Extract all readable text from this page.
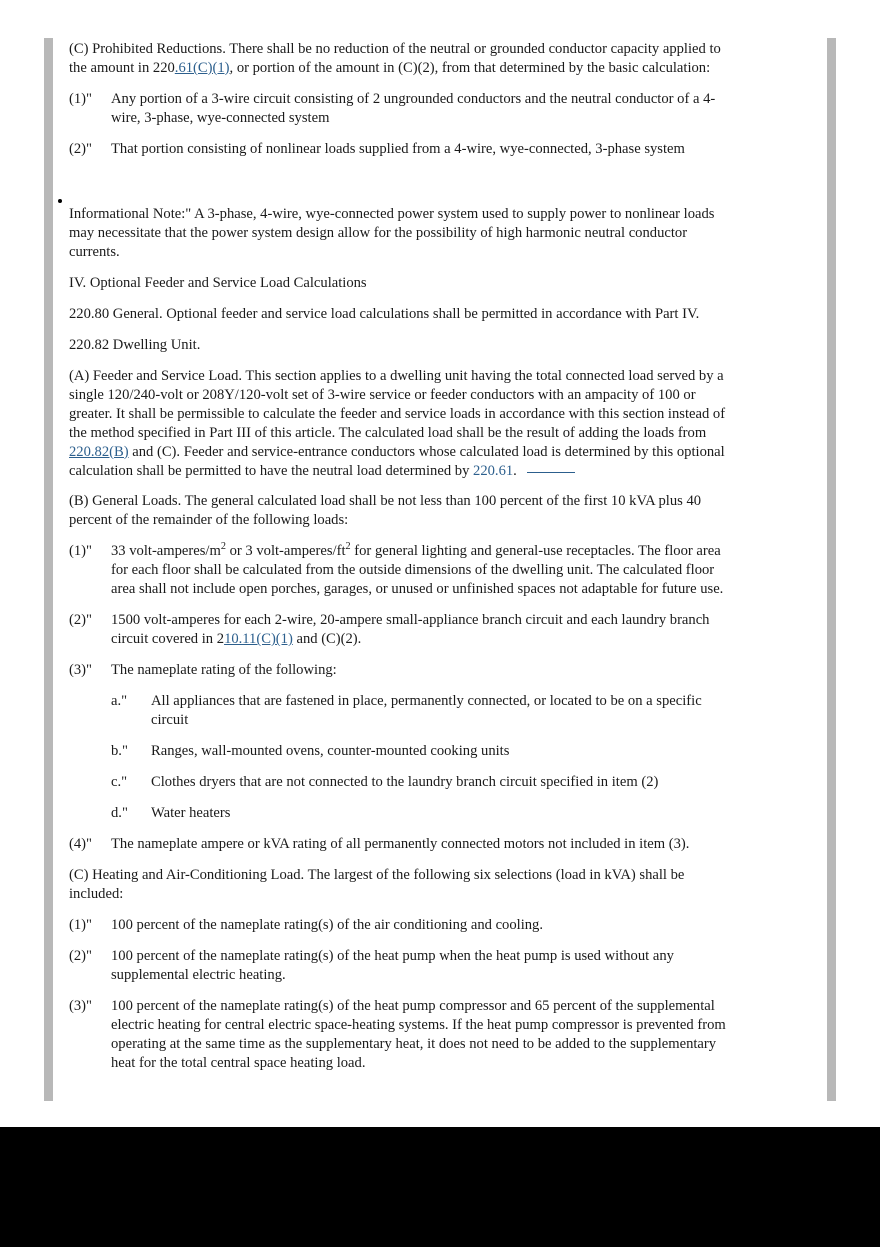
(C) Prohibited Reductions. There shall be no reduction of the neutral or grounded conductor capacity applied to the amount in 220.61(C)(1), or portion of the amount in (C)(2), from that determined by the basic calculation:

(1)"	Any portion of a 3-wire circuit consisting of 2 ungrounded conductors and the neutral conductor of a 4-wire, 3-phase, wye-connected system
(2)"	That portion consisting of nonlinear loads supplied from a 4-wire, wye-connected, 3-phase system

Informational Note:" A 3-phase, 4-wire, wye-connected power system used to supply power to nonlinear loads may necessitate that the power system design allow for the possibility of high harmonic neutral conductor currents.

IV. Optional Feeder and Service Load Calculations

220.80 General. Optional feeder and service load calculations shall be permitted in accordance with Part IV.

220.82 Dwelling Unit.

(A) Feeder and Service Load. This section applies to a dwelling unit having the total connected load served by a single 120/240-volt or 208Y/120-volt set of 3-wire service or feeder conductors with an ampacity of 100 or greater. It shall be permissible to calculate the feeder and service loads in accordance with this section instead of the method specified in Part III of this article. The calculated load shall be the result of adding the loads from 220.82(B) and (C). Feeder and service-entrance conductors whose calculated load is determined by this optional calculation shall be permitted to have the neutral load determined by 220.61.

(B) General Loads. The general calculated load shall be not less than 100 percent of the first 10 kVA plus 40 percent of the remainder of the following loads:

(1)"	33 volt-$amperes/m^2$ or 3 volt-$amperes/ft^2$ for general lighting and general-use receptacles. The floor area for each floor shall be calculated from the outside dimensions of the dwelling unit. The calculated floor area shall not include open porches, garages, or unused or unfinished spaces not adaptable for future use.
(2)"	1500 volt-amperes for each 2-wire, 20-ampere small-appliance branch circuit and each laundry branch circuit covered in 210.11(C)(1) and (C)(2).
(3)"	The nameplate rating of the following:
a."	All appliances that are fastened in place, permanently connected, or located to be on a specific circuit
b."	Ranges, wall-mounted ovens, counter-mounted cooking units
c."	Clothes dryers that are not connected to the laundry branch circuit specified in item (2)
d."	Water heaters
(4)"	The nameplate ampere or kVA rating of all permanently connected motors not included in item (3).

(C) Heating and Air-Conditioning Load. The largest of the following six selections (load in kVA) shall be included:

(1)"	100 percent of the nameplate rating(s) of the air conditioning and cooling.
(2)"	100 percent of the nameplate rating(s) of the heat pump when the heat pump is used without any supplemental electric heating.
(3)"	100 percent of the nameplate rating(s) of the heat pump compressor and 65 percent of the supplemental electric heating for central electric space-heating systems. If the heat pump compressor is prevented from operating at the same time as the supplementary heat, it does not need to be added to the supplementary heat for the total central space heating load.
